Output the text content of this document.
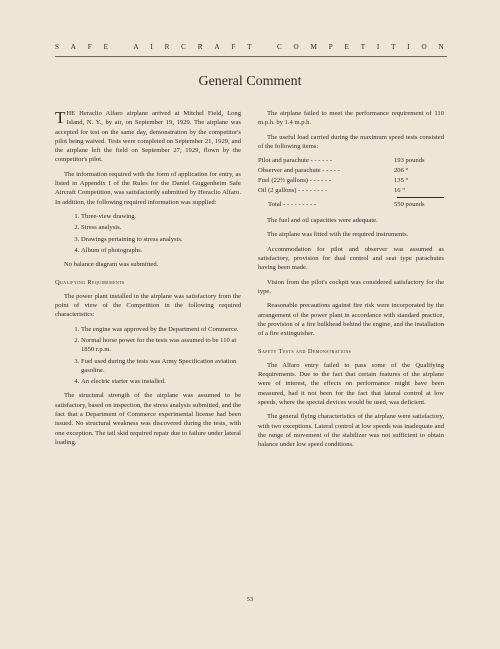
S A F E
	A I R C R A F T
	C O M P E T I T I O N
General Comment

THE Heraclio Alfaro airplane arrived at Mitchel Field, Long Island, N. Y., by air, on September 19, 1929. The airplane was accepted for test on the same day, demonstration by the competitor's pilot being waived. Tests were completed on September 21, 1929, and the airplane left the field on September 27, 1929, flown by the competitor's pilot.

The information required with the form of application for entry, as listed in Appendix I of the Rules for the Daniel Guggenheim Safe Aircraft Competition, was satisfactorily submitted by Heraclio Alfaro. In addition, the following required information was supplied:

1. Three-view drawing.
2. Stress analysis.
3. Drawings pertaining to stress analysis.
4. Album of photographs.

No balance diagram was submitted.

Qualifying Requirements

The power plant installed in the airplane was satisfactory from the point of view of the Competition in the following required characteristics:

1. The engine was approved by the Department of Commerce.
2. Normal horse power for the tests was assumed to be 110 at 1850 r.p.m.
3. Fuel used during the tests was Army Specification aviation gasoline.
4. An electric starter was installed.

The structural strength of the airplane was assumed to be satisfactory, based on inspection, the stress analysis submitted, and the fact that a Department of Commerce experimental license had been issued. No structural weakness was discovered during the tests, with one exception. The tail skid required repair due to failure under lateral loading.

The airplane failed to meet the performance requirement of 110 m.p.h. by 1.4 m.p.h.

The useful load carried during the maximum speed tests consisted of the following items:

Pilot and parachute - - - - - -	193 pounds
Observer and parachute - - - - -	206 “
Fuel (22½ gallons) - - - - - -	135 “
Oil (2 gallons) - - - - - - - -	16 “
Total - - - - - - - - -	550 pounds

The fuel and oil capacities were adequate.

The airplane was fitted with the required instruments.

Accommodation for pilot and observer was assumed as satisfactory, provision for dual control and seat type parachutes having been made.

Vision from the pilot's cockpit was considered satisfactory for the type.

Reasonable precautions against fire risk were incorporated by the arrangement of the power plant in accordance with standard practice, the provision of a fire bulkhead behind the engine, and the installation of a fire extinguisher.

Safety Tests and Demonstrations

The Alfaro entry failed to pass some of the Qualifying Requirements. Due to the fact that certain features of the airplane were of interest, the effects on performance might have been measured, had it not been for the fact that lateral control at low speeds, where the special devices would be used, was deficient.

The general flying characteristics of the airplane were satisfactory, with two exceptions. Lateral control at low speeds was inadequate and the range of movement of the stabilizer was not sufficient to obtain balance under low speed conditions.

53
